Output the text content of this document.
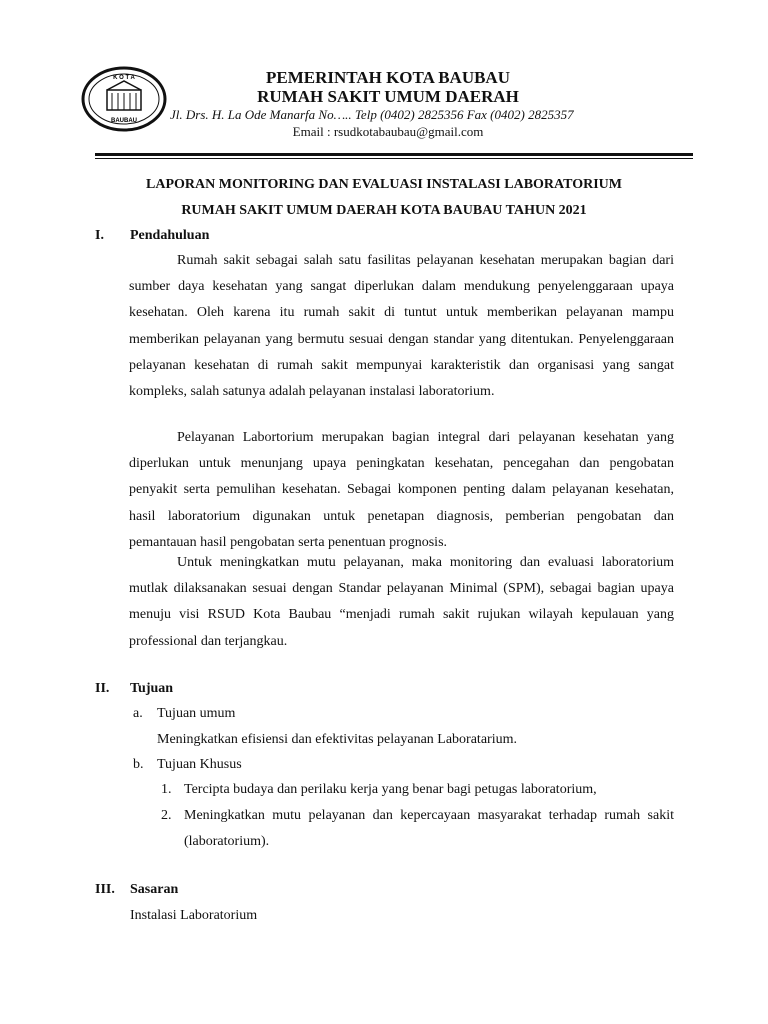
K O T A
BAUBAU
PEMERINTAH KOTA BAUBAU
RUMAH SAKIT UMUM DAERAH
Jl. Drs. H. La Ode Manarfa No….. Telp (0402) 2825356 Fax (0402) 2825357
Email : rsudkotabaubau@gmail.com
LAPORAN MONITORING DAN EVALUASI INSTALASI LABORATORIUM
RUMAH SAKIT UMUM DAERAH KOTA BAUBAU TAHUN 2021
I. Pendahuluan

Rumah sakit sebagai salah satu fasilitas pelayanan kesehatan merupakan bagian dari sumber daya kesehatan yang sangat diperlukan dalam mendukung penyelenggaraan upaya kesehatan. Oleh karena itu rumah sakit di tuntut untuk memberikan pelayanan mampu memberikan pelayanan yang bermutu sesuai dengan standar yang ditentukan. Penyelenggaraan pelayanan kesehatan di rumah sakit mempunyai karakteristik dan organisasi yang sangat kompleks, salah satunya adalah pelayanan instalasi laboratorium.

Pelayanan Labortorium merupakan bagian integral dari pelayanan kesehatan yang diperlukan untuk menunjang upaya peningkatan kesehatan, pencegahan dan pengobatan penyakit serta pemulihan kesehatan. Sebagai komponen penting dalam pelayanan kesehatan, hasil laboratorium digunakan untuk penetapan diagnosis, pemberian pengobatan dan pemantauan hasil pengobatan serta penentuan prognosis.

Untuk meningkatkan mutu pelayanan, maka monitoring dan evaluasi laboratorium mutlak dilaksanakan sesuai dengan Standar pelayanan Minimal (SPM), sebagai bagian upaya menuju visi RSUD Kota Baubau “menjadi rumah sakit rujukan wilayah kepulauan yang professional dan terjangkau.

II. Tujuan
a. Tujuan umum
Meningkatkan efisiensi dan efektivitas pelayanan Laboratarium.
b. Tujuan Khusus
1. Tercipta budaya dan perilaku kerja yang benar bagi petugas laboratorium,

2. Meningkatkan mutu pelayanan dan kepercayaan masyarakat terhadap rumah sakit (laboratorium).

III. Sasaran
Instalasi Laboratorium
